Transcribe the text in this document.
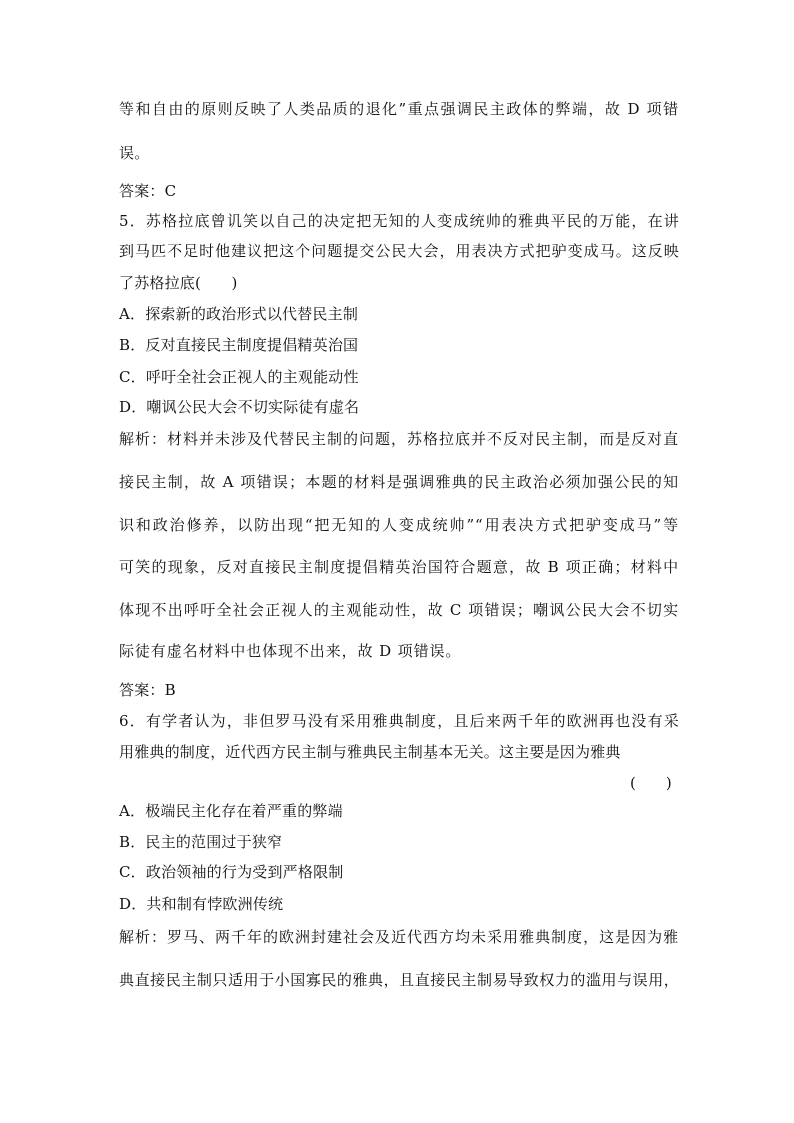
等和自由的原则反映了人类品质的退化”重点强调民主政体的弊端，故 D 项错
误。
答案：C
5．苏格拉底曾讥笑以自己的决定把无知的人变成统帅的雅典平民的万能，在讲
到马匹不足时他建议把这个问题提交公民大会，用表决方式把驴变成马。这反映
了苏格拉底(　　)
A．探索新的政治形式以代替民主制
B．反对直接民主制度提倡精英治国
C．呼吁全社会正视人的主观能动性
D．嘲讽公民大会不切实际徒有虚名
解析：材料并未涉及代替民主制的问题，苏格拉底并不反对民主制，而是反对直
接民主制，故 A 项错误；本题的材料是强调雅典的民主政治必须加强公民的知
识和政治修养，以防出现“把无知的人变成统帅”“用表决方式把驴变成马”等
可笑的现象，反对直接民主制度提倡精英治国符合题意，故 B 项正确；材料中
体现不出呼吁全社会正视人的主观能动性，故 C 项错误；嘲讽公民大会不切实
际徒有虚名材料中也体现不出来，故 D 项错误。
答案：B
6．有学者认为，非但罗马没有采用雅典制度，且后来两千年的欧洲再也没有采
用雅典的制度，近代西方民主制与雅典民主制基本无关。这主要是因为雅典
(　　)
A．极端民主化存在着严重的弊端
B．民主的范围过于狭窄
C．政治领袖的行为受到严格限制
D．共和制有悖欧洲传统
解析：罗马、两千年的欧洲封建社会及近代西方均未采用雅典制度，这是因为雅
典直接民主制只适用于小国寡民的雅典，且直接民主制易导致权力的滥用与误用，
